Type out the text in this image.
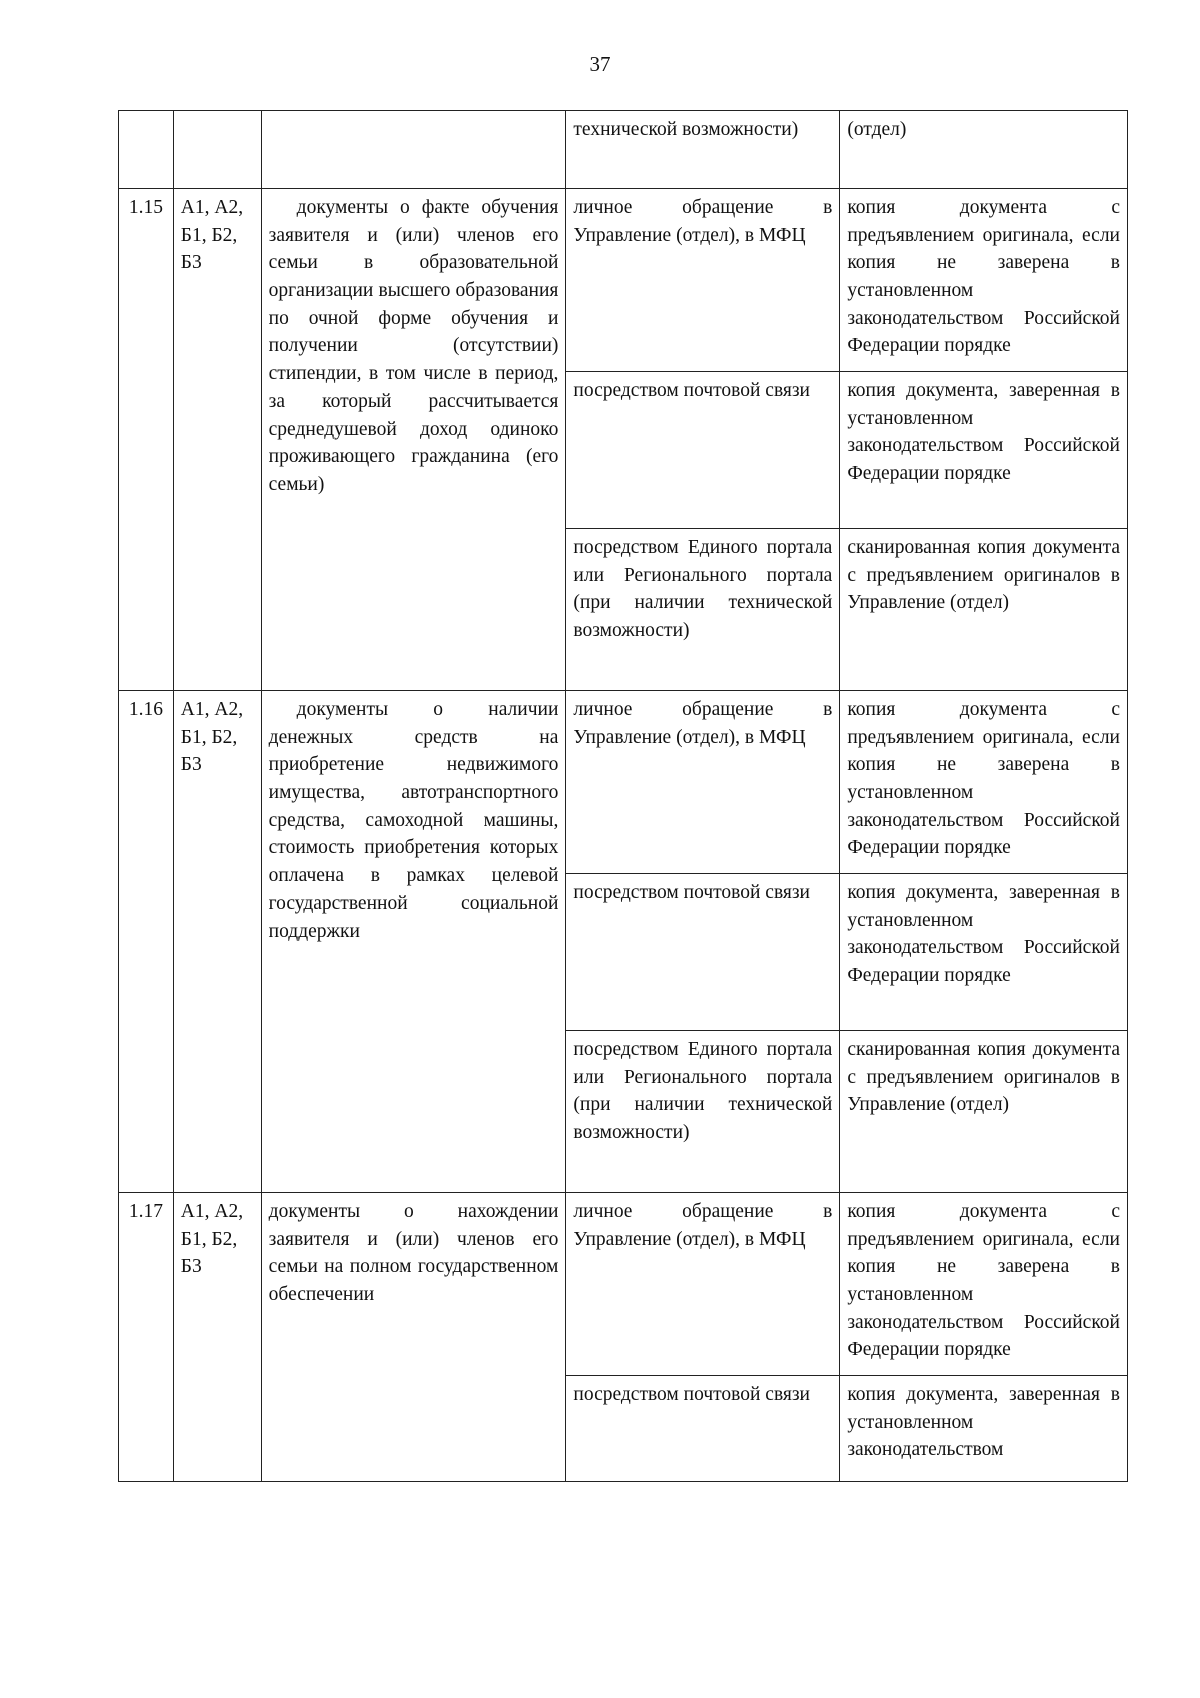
37
			технической возможности)	(отдел)
1.15	А1, А2, Б1, Б2, Б3	документы о факте обучения заявителя и (или) членов его семьи в образовательной организации высшего образования по очной форме обучения и получении (отсутствии) стипендии, в том числе в период, за который рассчитывается среднедушевой доход одиноко проживающего гражданина (его семьи)	личное обращение в Управление (отдел), в МФЦ	копия документа с предъявлением оригинала, если копия не заверена в установленном законодательством Российской Федерации порядке
			посредством почтовой связи	копия документа, заверенная в установленном законодательством Российской Федерации порядке
			посредством Единого портала или Регионального портала (при наличии технической возможности)	сканированная копия документа с предъявлением оригиналов в Управление (отдел)
1.16	А1, А2, Б1, Б2, Б3	документы о наличии денежных средств на приобретение недвижимого имущества, автотранспортного средства, самоходной машины, стоимость приобретения которых оплачена в рамках целевой государственной социальной поддержки	личное обращение в Управление (отдел), в МФЦ	копия документа с предъявлением оригинала, если копия не заверена в установленном законодательством Российской Федерации порядке
			посредством почтовой связи	копия документа, заверенная в установленном законодательством Российской Федерации порядке
			посредством Единого портала или Регионального портала (при наличии технической возможности)	сканированная копия документа с предъявлением оригиналов в Управление (отдел)
1.17	А1, А2, Б1, Б2, Б3	документы о нахождении заявителя и (или) членов его семьи на полном государственном обеспечении	личное обращение в Управление (отдел), в МФЦ	копия документа с предъявлением оригинала, если копия не заверена в установленном законодательством Российской Федерации порядке
			посредством почтовой связи	копия документа, заверенная в установленном законодательством
